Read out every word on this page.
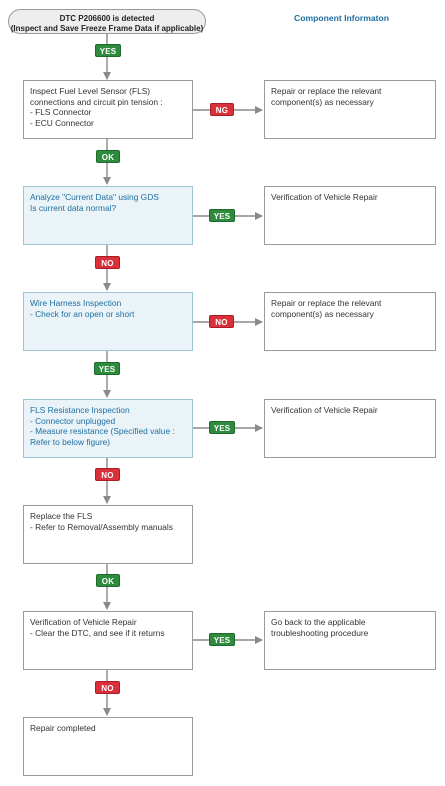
DTC P206600 is detected
(Inspect and Save Freeze Frame Data if applicable)
Component Informaton
YES
Inspect Fuel Level Sensor (FLS)
connections and circuit pin tension :
- FLS Connector
- ECU Connector
NG
Repair or replace the relevant
component(s) as necessary
OK
Analyze "Current Data" using GDS
Is current data normal?
YES
Verification of Vehicle Repair
NO
Wire Harness Inspection
- Check for an open or short
NO
Repair or replace the relevant
component(s) as necessary
YES
FLS Resistance Inspection
- Connector unplugged
- Measure resistance (Specified value :
Refer to below figure)
YES
Verification of Vehicle Repair
NO
Replace the FLS
- Refer to Removal/Assembly manuals
OK
Verification of Vehicle Repair
- Clear the DTC, and see if it returns
YES
Go back to the applicable
troubleshooting procedure
NO
Repair completed
